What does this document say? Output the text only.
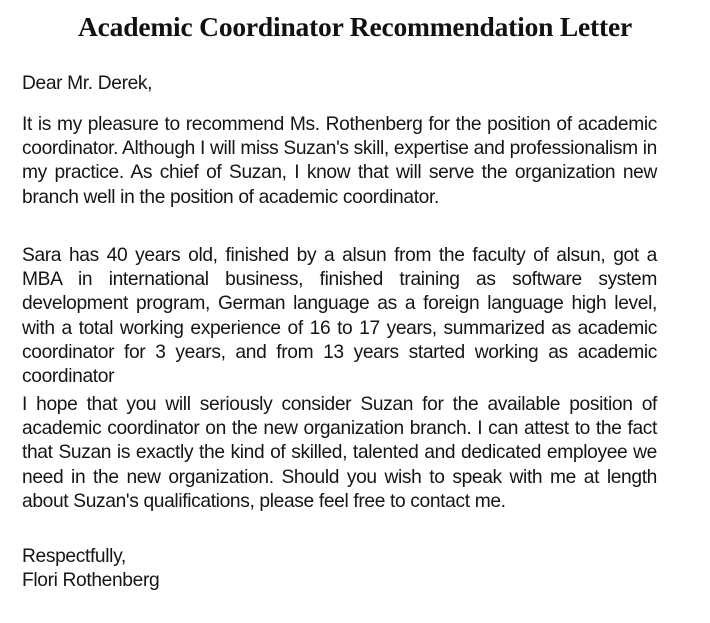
Academic Coordinator Recommendation Letter
Dear Mr. Derek,

It is my pleasure to recommend Ms. Rothenberg for the position of academic coordinator. Although I will miss Suzan's skill, expertise and professionalism in my practice. As chief of Suzan, I know that will serve the organization new branch well in the position of academic coordinator.

Sara has 40 years old, finished by a alsun from the faculty of alsun, got a MBA in international business, finished training as software system development program, German language as a foreign language high level, with a total working experience of 16 to 17 years, summarized as academic coordinator for 3 years, and from 13 years started working as academic coordinator

I hope that you will seriously consider Suzan for the available position of academic coordinator on the new organization branch. I can attest to the fact that Suzan is exactly the kind of skilled, talented and dedicated employee we need in the new organization. Should you wish to speak with me at length about Suzan's qualifications, please feel free to contact me.

Respectfully,
Flori Rothenberg
